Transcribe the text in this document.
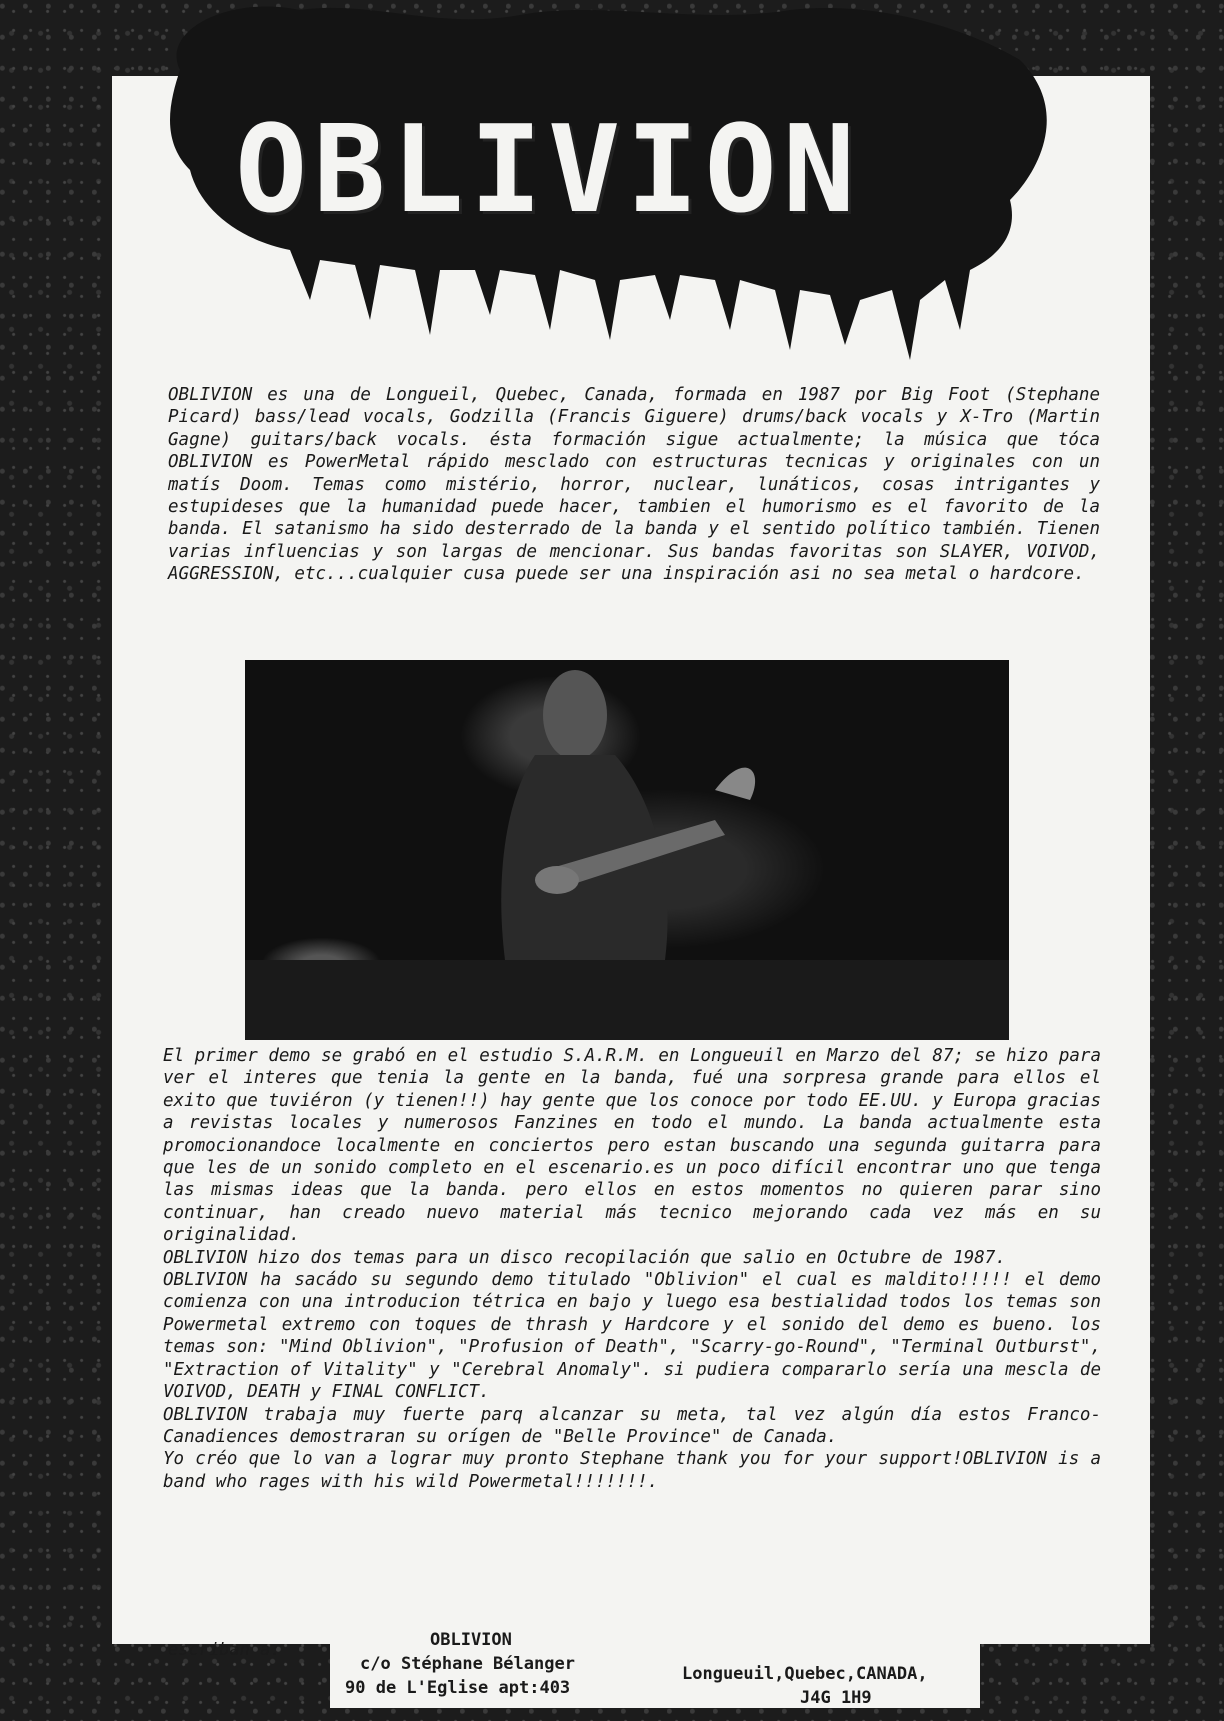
OBLIVION

OBLIVION es una de Longueil, Quebec, Canada, formada en 1987 por Big Foot (Stephane Picard) bass/lead vocals, Godzilla (Francis Giguere) drums/back vocals y X-Tro (Martin Gagne) guitars/back vocals. ésta formación sigue actualmente; la música que tóca OBLIVION es PowerMetal rápido mesclado con estructuras tecnicas y originales con un matís Doom. Temas como mistério, horror, nuclear, lunáticos, cosas intrigantes y estupideses que la humanidad puede hacer, tambien el humorismo es el favorito de la banda. El satanismo ha sido desterrado de la banda y el sentido político también. Tienen varias influencias y son largas de mencionar. Sus bandas favoritas son SLAYER, VOIVOD, AGGRESSION, etc...cualquier cusa puede ser una inspiración asi no sea metal o hardcore.

El primer demo se grabó en el estudio S.A.R.M. en Longueuil en Marzo del 87; se hizo para ver el interes que tenia la gente en la banda, fué una sorpresa grande para ellos el exito que tuviéron (y tienen!!) hay gente que los conoce por todo EE.UU. y Europa gracias a revistas locales y numerosos Fanzines en todo el mundo. La banda actualmente esta promocionandoce localmente en conciertos pero estan buscando una segunda guitarra para que les de un sonido completo en el escenario.es un poco difícil encontrar uno que tenga las mismas ideas que la banda. pero ellos en estos momentos no quieren parar sino continuar, han creado nuevo material más tecnico mejorando cada vez más en su originalidad.
OBLIVION hizo dos temas para un disco recopilación que salio en Octubre de 1987.
OBLIVION ha sacádo su segundo demo titulado "Oblivion" el cual es maldito!!!!! el demo comienza con una introducion tétrica en bajo y luego esa bestialidad todos los temas son Powermetal extremo con toques de thrash y Hardcore y el sonido del demo es bueno. los temas son: "Mind Oblivion", "Profusion of Death", "Scarry-go-Round", "Terminal Outburst", "Extraction of Vitality" y "Cerebral Anomaly". si pudiera compararlo sería una mescla de VOIVOD, DEATH y FINAL CONFLICT.
OBLIVION trabaja muy fuerte parq alcanzar su meta, tal vez algún día estos Franco-Canadiences demostraran su orígen de "Belle Province" de Canada.
Yo créo que lo van a lograr muy pronto Stephane thank you for your support!OBLIVION is a band who rages with his wild Powermetal!!!!!!!.

escriban a:	OBLIVION
c/o Stéphane Bélanger
90 de L'Eglise apt:403
Longueuil,Quebec,CANADA,
J4G 1H9
